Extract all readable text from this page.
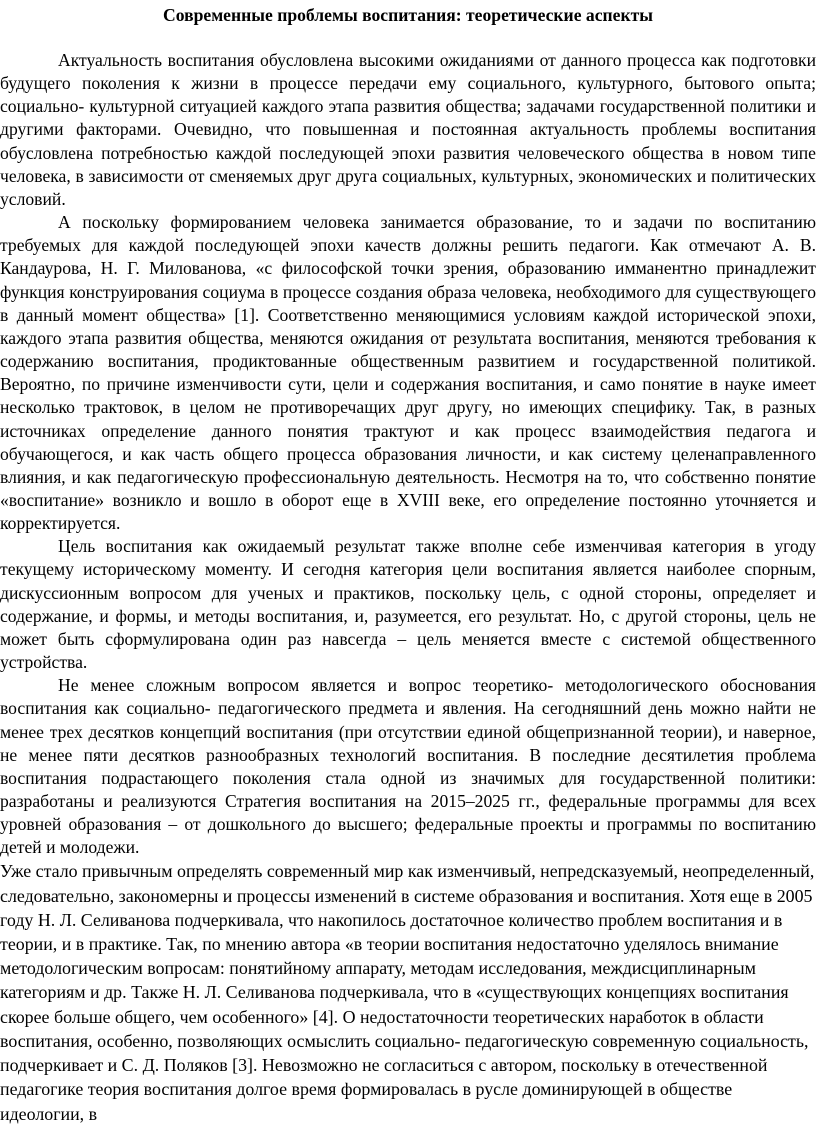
Современные проблемы воспитания: теоретические аспекты

Актуальность воспитания обусловлена высокими ожиданиями от данного процесса как подготовки будущего поколения к жизни в процессе передачи ему социального, культурного, бытового опыта; социально- культурной ситуацией каждого этапа развития общества; задачами государственной политики и другими факторами. Очевидно, что повышенная и постоянная актуальность проблемы воспитания обусловлена потребностью каждой последующей эпохи развития человеческого общества в новом типе человека, в зависимости от сменяемых друг друга социальных, культурных, экономических и политических условий.

А поскольку формированием человека занимается образование, то и задачи по воспитанию требуемых для каждой последующей эпохи качеств должны решить педагоги. Как отмечают А. В. Кандаурова, Н. Г. Милованова, «с философской точки зрения, образованию имманентно принадлежит функция конструирования социума в процессе создания образа человека, необходимого для существующего в данный момент общества» [1]. Соответственно меняющимися условиям каждой исторической эпохи, каждого этапа развития общества, меняются ожидания от результата воспитания, меняются требования к содержанию воспитания, продиктованные общественным развитием и государственной политикой. Вероятно, по причине изменчивости сути, цели и содержания воспитания, и само понятие в науке имеет несколько трактовок, в целом не противоречащих друг другу, но имеющих специфику. Так, в разных источниках определение данного понятия трактуют и как процесс взаимодействия педагога и обучающегося, и как часть общего процесса образования личности, и как систему целенаправленного влияния, и как педагогическую профессиональную деятельность. Несмотря на то, что собственно понятие «воспитание» возникло и вошло в оборот еще в XVIII веке, его определение постоянно уточняется и корректируется.

Цель воспитания как ожидаемый результат также вполне себе изменчивая категория в угоду текущему историческому моменту. И сегодня категория цели воспитания является наиболее спорным, дискуссионным вопросом для ученых и практиков, поскольку цель, с одной стороны, определяет и содержание, и формы, и методы воспитания, и, разумеется, его результат. Но, с другой стороны, цель не может быть сформулирована один раз навсегда – цель меняется вместе с системой общественного устройства.

Не менее сложным вопросом является и вопрос теоретико- методологического обоснования воспитания как социально- педагогического предмета и явления. На сегодняшний день можно найти не менее трех десятков концепций воспитания (при отсутствии единой общепризнанной теории), и наверное, не менее пяти десятков разнообразных технологий воспитания. В последние десятилетия проблема воспитания подрастающего поколения стала одной из значимых для государственной политики: разработаны и реализуются Стратегия воспитания на 2015–2025 гг., федеральные программы для всех уровней образования – от дошкольного до высшего; федеральные проекты и программы по воспитанию детей и молодежи.

Уже стало привычным определять современный мир как изменчивый, непредсказуемый, неопределенный, следовательно, закономерны и процессы изменений в системе образования и воспитания. Хотя еще в 2005 году Н. Л. Селиванова подчеркивала, что накопилось достаточное количество проблем воспитания и в теории, и в практике. Так, по мнению автора «в теории воспитания недостаточно уделялось внимание методологическим вопросам: понятийному аппарату, методам исследования, междисциплинарным категориям и др. Также Н. Л. Селиванова подчеркивала, что в «существующих концепциях воспитания скорее больше общего, чем особенного» [4]. О недостаточности теоретических наработок в области воспитания, особенно, позволяющих осмыслить социально- педагогическую современную социальность, подчеркивает и С. Д. Поляков [3]. Невозможно не согласиться с автором, поскольку в отечественной педагогике теория воспитания долгое время формировалась в русле доминирующей в обществе идеологии, в
